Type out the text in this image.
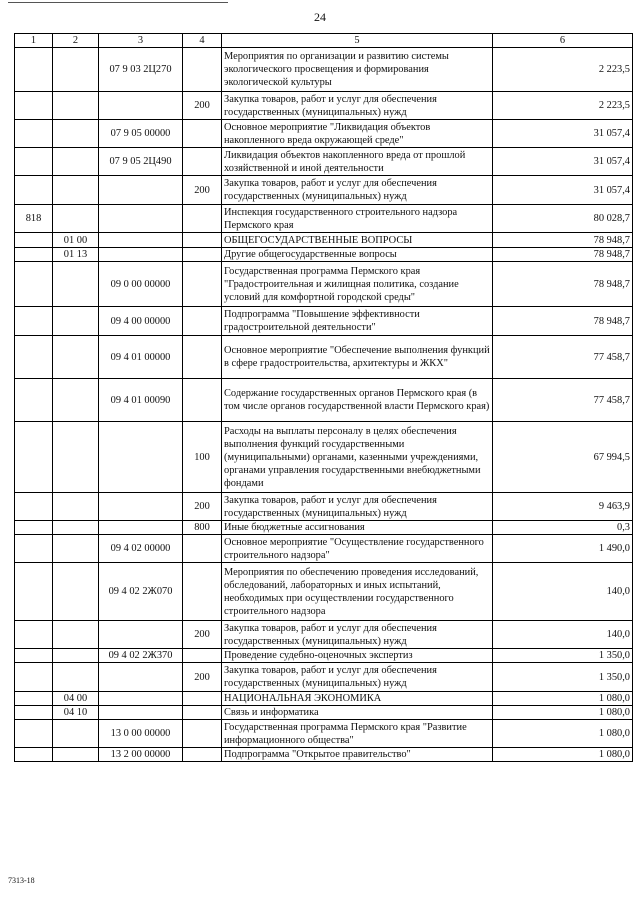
24
1	2	3	4	5	6
		07 9 03 2Ц270		Мероприятия по организации и развитию системы экологического просвещения и формирования экологической культуры	2 223,5
			200	Закупка товаров, работ и услуг для обеспечения государственных (муниципальных) нужд	2 223,5
		07 9 05 00000		Основное мероприятие "Ликвидация объектов накопленного вреда окружающей среде"	31 057,4
		07 9 05 2Ц490		Ликвидация объектов накопленного вреда от прошлой хозяйственной и иной деятельности	31 057,4
			200	Закупка товаров, работ и услуг для обеспечения государственных (муниципальных) нужд	31 057,4
818				Инспекция государственного строительного надзора Пермского края	80 028,7
	01 00			ОБЩЕГОСУДАРСТВЕННЫЕ ВОПРОСЫ	78 948,7
	01 13			Другие общегосударственные вопросы	78 948,7
		09 0 00 00000		Государственная программа Пермского края "Градостроительная и жилищная политика, создание условий для комфортной городской среды"	78 948,7
		09 4 00 00000		Подпрограмма "Повышение эффективности градостроительной деятельности"	78 948,7
		09 4 01 00000		Основное мероприятие "Обеспечение выполнения функций в сфере градостроительства, архитектуры и ЖКХ"	77 458,7
		09 4 01 00090		Содержание государственных органов Пермского края (в том числе органов государственной власти Пермского края)	77 458,7
			100	Расходы на выплаты персоналу в целях обеспечения выполнения функций государственными (муниципальными) органами, казенными учреждениями, органами управления государственными внебюджетными фондами	67 994,5
			200	Закупка товаров, работ и услуг для обеспечения государственных (муниципальных) нужд	9 463,9
			800	Иные бюджетные ассигнования	0,3
		09 4 02 00000		Основное мероприятие "Осуществление государственного строительного надзора"	1 490,0
		09 4 02 2Ж070		Мероприятия по обеспечению проведения исследований, обследований, лабораторных и иных испытаний, необходимых при осуществлении государственного строительного надзора	140,0
			200	Закупка товаров, работ и услуг для обеспечения государственных (муниципальных) нужд	140,0
		09 4 02 2Ж370		Проведение судебно-оценочных экспертиз	1 350,0
			200	Закупка товаров, работ и услуг для обеспечения государственных (муниципальных) нужд	1 350,0
	04 00			НАЦИОНАЛЬНАЯ ЭКОНОМИКА	1 080,0
	04 10			Связь и информатика	1 080,0
		13 0 00 00000		Государственная программа Пермского края "Развитие информационного общества"	1 080,0
		13 2 00 00000		Подпрограмма "Открытое правительство"	1 080,0
7313-18
